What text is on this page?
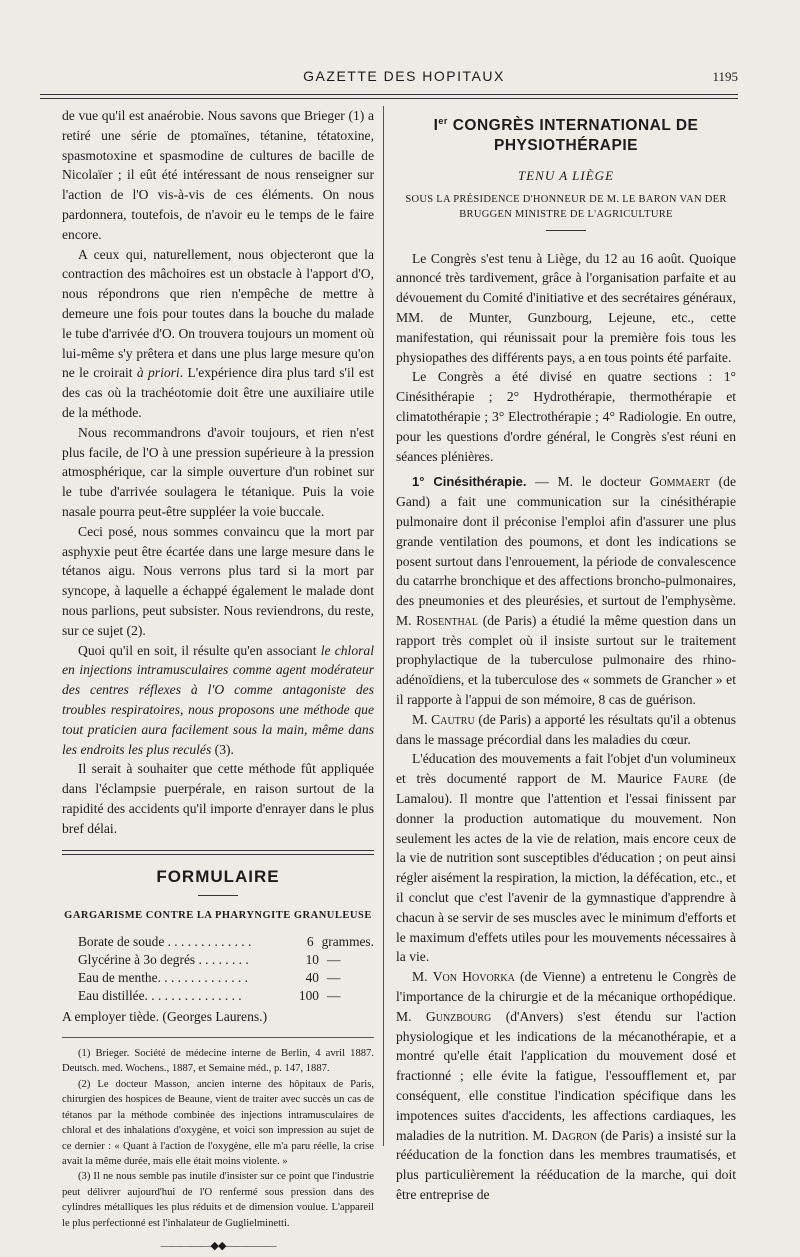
GAZETTE DES HOPITAUX	1195

de vue qu'il est anaérobie. Nous savons que Brieger (1) a retiré une série de ptomaïnes, tétanine, tétatoxine, spasmotoxine et spasmodine de cultures de bacille de Nicolaïer ; il eût été intéressant de nous renseigner sur l'action de l'O vis-à-vis de ces éléments. On nous pardonnera, toutefois, de n'avoir eu le temps de le faire encore.

A ceux qui, naturellement, nous objecteront que la contraction des mâchoires est un obstacle à l'apport d'O, nous répondrons que rien n'empêche de mettre à demeure une fois pour toutes dans la bouche du malade le tube d'arrivée d'O. On trouvera toujours un moment où lui-même s'y prêtera et dans une plus large mesure qu'on ne le croirait à priori. L'expérience dira plus tard s'il est des cas où la trachéotomie doit être une auxiliaire utile de la méthode.

Nous recommandrons d'avoir toujours, et rien n'est plus facile, de l'O à une pression supérieure à la pression atmosphérique, car la simple ouverture d'un robinet sur le tube d'arrivée soulagera le tétanique. Puis la voie nasale pourra peut-être suppléer la voie buccale.

Ceci posé, nous sommes convaincu que la mort par asphyxie peut être écartée dans une large mesure dans le tétanos aigu. Nous verrons plus tard si la mort par syncope, à laquelle a échappé également le malade dont nous parlions, peut subsister. Nous reviendrons, du reste, sur ce sujet (2).

Quoi qu'il en soit, il résulte qu'en associant le chloral en injections intramusculaires comme agent modérateur des centres réflexes à l'O comme antagoniste des troubles respiratoires, nous proposons une méthode que tout praticien aura facilement sous la main, même dans les endroits les plus reculés (3).

Il serait à souhaiter que cette méthode fût appliquée dans l'éclampsie puerpérale, en raison surtout de la rapidité des accidents qu'il importe d'enrayer dans le plus bref délai.

FORMULAIRE
GARGARISME CONTRE LA PHARYNGITE GRANULEUSE
Borate de soude . . . . . . . . . . . . .	6 grammes.
Glycérine à 3o degrés . . . . . . . .	10 —
Eau de menthe. . . . . . . . . . . . . .	40 —
Eau distillée. . . . . . . . . . . . . . .	100 —

A employer tiède. (Georges Laurens.)

(1) Brieger. Société de médecine interne de Berlin, 4 avril 1887. Deutsch. med. Wochens., 1887, et Semaine méd., p. 147, 1887.

(2) Le docteur Masson, ancien interne des hôpitaux de Paris, chirurgien des hospices de Beaune, vient de traiter avec succès un cas de tétanos par la méthode combinée des injections intramusculaires de chloral et des inhalations d'oxygène, et voici son impression au sujet de ce dernier : « Quant à l'action de l'oxygène, elle m'a paru réelle, la crise avait la même durée, mais elle était moins violente. »

(3) Il ne nous semble pas inutile d'insister sur ce point que l'industrie peut délivrer aujourd'hui de l'O renfermé sous pression dans des cylindres métalliques les plus réduits et de dimension voulue. L'appareil le plus perfectionné est l'inhalateur de Guglielminetti.

—————◆◆—————
Ier CONGRÈS INTERNATIONAL DE PHYSIOTHÉRAPIE
TENU A LIÈGE
SOUS LA PRÉSIDENCE D'HONNEUR DE M. LE BARON VAN DER BRUGGEN MINISTRE DE L'AGRICULTURE

Le Congrès s'est tenu à Liège, du 12 au 16 août. Quoique annoncé très tardivement, grâce à l'organisation parfaite et au dévouement du Comité d'initiative et des secrétaires généraux, MM. de Munter, Gunzbourg, Lejeune, etc., cette manifestation, qui réunissait pour la première fois tous les physiopathes des différents pays, a en tous points été parfaite.

Le Congrès a été divisé en quatre sections : 1° Cinésithérapie ; 2° Hydrothérapie, thermothérapie et climatothérapie ; 3° Electrothérapie ; 4° Radiologie. En outre, pour les questions d'ordre général, le Congrès s'est réuni en séances plénières.

1° Cinésithérapie. — M. le docteur Gommaert (de Gand) a fait une communication sur la cinésithérapie pulmonaire dont il préconise l'emploi afin d'assurer une plus grande ventilation des poumons, et dont les indications se posent surtout dans l'enrouement, la période de convalescence du catarrhe bronchique et des affections broncho-pulmonaires, des pneumonies et des pleurésies, et surtout de l'emphysème. M. Rosenthal (de Paris) a étudié la même question dans un rapport très complet où il insiste surtout sur le traitement prophylactique de la tuberculose pulmonaire des rhino-adénoïdiens, et la tuberculose des « sommets de Grancher » et il rapporte à l'appui de son mémoire, 8 cas de guérison.

M. Cautru (de Paris) a apporté les résultats qu'il a obtenus dans le massage précordial dans les maladies du cœur.

L'éducation des mouvements a fait l'objet d'un volumineux et très documenté rapport de M. Maurice Faure (de Lamalou). Il montre que l'attention et l'essai finissent par donner la production automatique du mouvement. Non seulement les actes de la vie de relation, mais encore ceux de la vie de nutrition sont susceptibles d'éducation ; on peut ainsi régler aisément la respiration, la miction, la défécation, etc., et il conclut que c'est l'avenir de la gymnastique d'apprendre à chacun à se servir de ses muscles avec le minimum d'efforts et le maximum d'effets utiles pour les mouvements nécessaires à la vie.

M. Von Hovorka (de Vienne) a entretenu le Congrès de l'importance de la chirurgie et de la mécanique orthopédique. M. Gunzbourg (d'Anvers) s'est étendu sur l'action physiologique et les indications de la mécanothérapie, et a montré qu'elle était l'application du mouvement dosé et fractionné ; elle évite la fatigue, l'essoufflement et, par conséquent, elle constitue l'indication spécifique dans les impotences suites d'accidents, les affections cardiaques, les maladies de la nutrition. M. Dagron (de Paris) a insisté sur la rééducation de la fonction dans les membres traumatisés, et plus particulièrement la rééducation de la marche, qui doit être entreprise de
